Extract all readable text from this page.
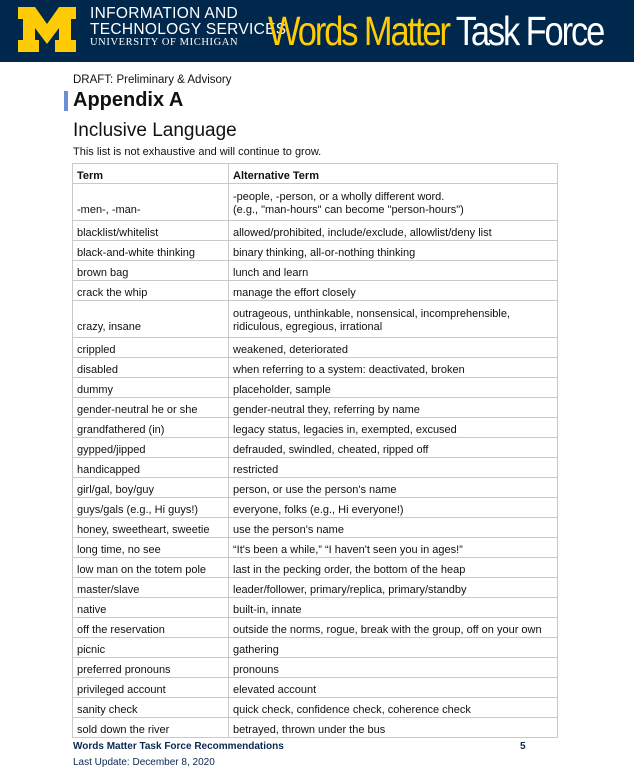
INFORMATION AND
TECHNOLOGY SERVICES
UNIVERSITY OF MICHIGAN Words Matter Task Force
DRAFT: Preliminary & Advisory
Appendix A
Inclusive Language
This list is not exhaustive and will continue to grow.
Term	Alternative Term
-men-, -man-	-people, -person, or a wholly different word.
(e.g., "man-hours" can become "person-hours")
blacklist/whitelist	allowed/prohibited, include/exclude, allowlist/deny list
black-and-white thinking	binary thinking, all-or-nothing thinking
brown bag	lunch and learn
crack the whip	manage the effort closely
crazy, insane	outrageous, unthinkable, nonsensical, incomprehensible,
ridiculous, egregious, irrational
crippled	weakened, deteriorated
disabled	when referring to a system: deactivated, broken
dummy	placeholder, sample
gender-neutral he or she	gender-neutral they, referring by name
grandfathered (in)	legacy status, legacies in, exempted, excused
gypped/jipped	defrauded, swindled, cheated, ripped off
handicapped	restricted
girl/gal, boy/guy	person, or use the person's name
guys/gals (e.g., Hi guys!)	everyone, folks (e.g., Hi everyone!)
honey, sweetheart, sweetie	use the person's name
long time, no see	“It's been a while,” “I haven't seen you in ages!”
low man on the totem pole	last in the pecking order, the bottom of the heap
master/slave	leader/follower, primary/replica, primary/standby
native	built-in, innate
off the reservation	outside the norms, rogue, break with the group, off on your own
picnic	gathering
preferred pronouns	pronouns
privileged account	elevated account
sanity check	quick check, confidence check, coherence check
sold down the river	betrayed, thrown under the bus
Words Matter Task Force Recommendations
Last Update: December 8, 2020
5
